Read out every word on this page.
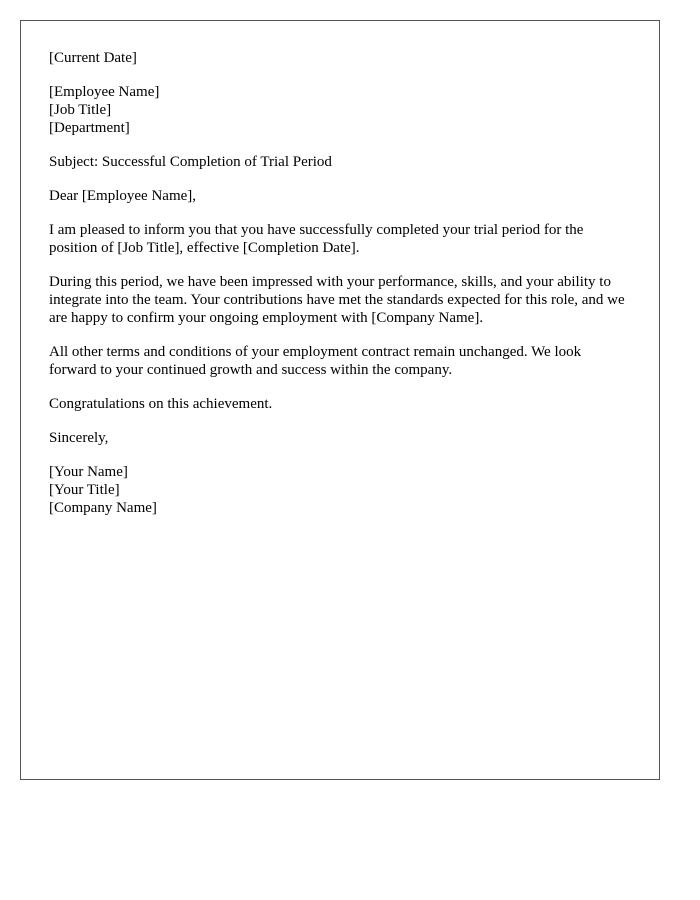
[Current Date]
[Employee Name]
[Job Title]
[Department]
Subject: Successful Completion of Trial Period
Dear [Employee Name],

I am pleased to inform you that you have successfully completed your trial period for the position of [Job Title], effective [Completion Date].

During this period, we have been impressed with your performance, skills, and your ability to integrate into the team. Your contributions have met the standards expected for this role, and we are happy to confirm your ongoing employment with [Company Name].

All other terms and conditions of your employment contract remain unchanged. We look forward to your continued growth and success within the company.

Congratulations on this achievement.

Sincerely,
[Your Name]
[Your Title]
[Company Name]
